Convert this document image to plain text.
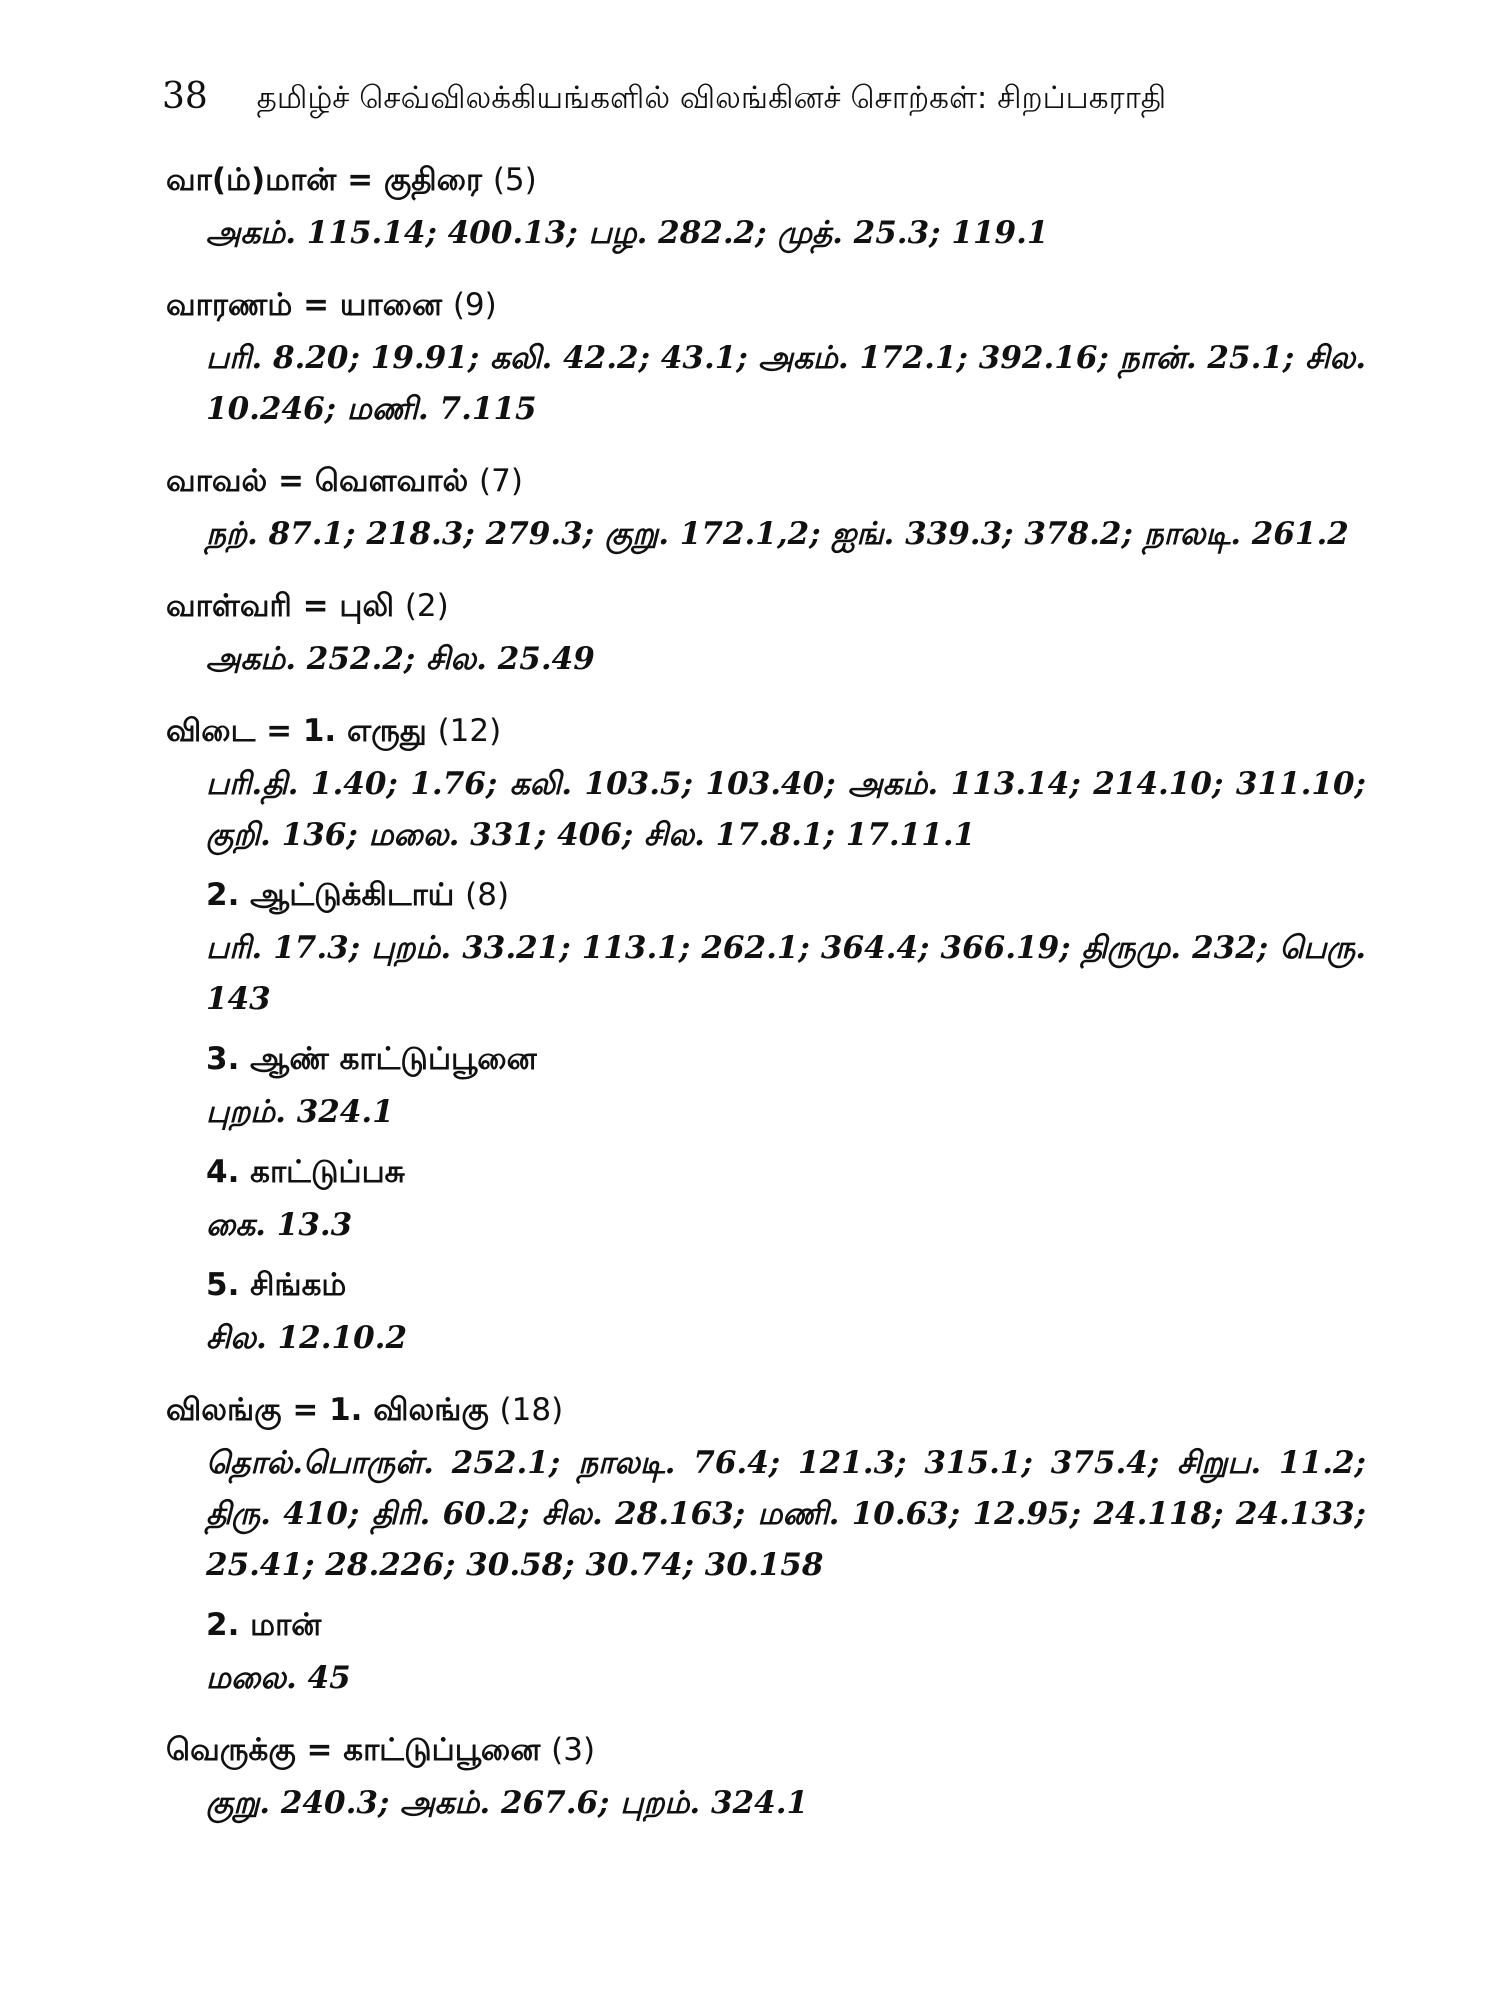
38 தமிழ்ச் செவ்விலக்கியங்களில் விலங்கினச் சொற்கள்: சிறப்பகராதி
வா(ம்)மான் = குதிரை (5)
அகம். 115.14; 400.13; பழ. 282.2; முத். 25.3; 119.1
வாரணம் = யானை (9)
பரி. 8.20; 19.91; கலி. 42.2; 43.1; அகம். 172.1; 392.16; நான். 25.1; சில. 10.246; மணி. 7.115
வாவல் = வெளவால் (7)
நற். 87.1; 218.3; 279.3; குறு. 172.1,2; ஐங். 339.3; 378.2; நாலடி. 261.2
வாள்வரி = புலி (2)
அகம். 252.2; சில. 25.49
விடை = 1. எருது (12)
பரி.தி. 1.40; 1.76; கலி. 103.5; 103.40; அகம். 113.14; 214.10; 311.10; குறி. 136; மலை. 331; 406; சில. 17.8.1; 17.11.1
2. ஆட்டுக்கிடாய் (8)
பரி. 17.3; புறம். 33.21; 113.1; 262.1; 364.4; 366.19; திருமு. 232; பெரு. 143
3. ஆண் காட்டுப்பூனை
புறம். 324.1
4. காட்டுப்பசு
கை. 13.3
5. சிங்கம்
சில. 12.10.2
விலங்கு = 1. விலங்கு (18)
தொல்.பொருள். 252.1; நாலடி. 76.4; 121.3; 315.1; 375.4; சிறுப. 11.2; திரு. 410; திரி. 60.2; சில. 28.163; மணி. 10.63; 12.95; 24.118; 24.133; 25.41; 28.226; 30.58; 30.74; 30.158
2. மான்
மலை. 45
வெருக்கு = காட்டுப்பூனை (3)
குறு. 240.3; அகம். 267.6; புறம். 324.1
